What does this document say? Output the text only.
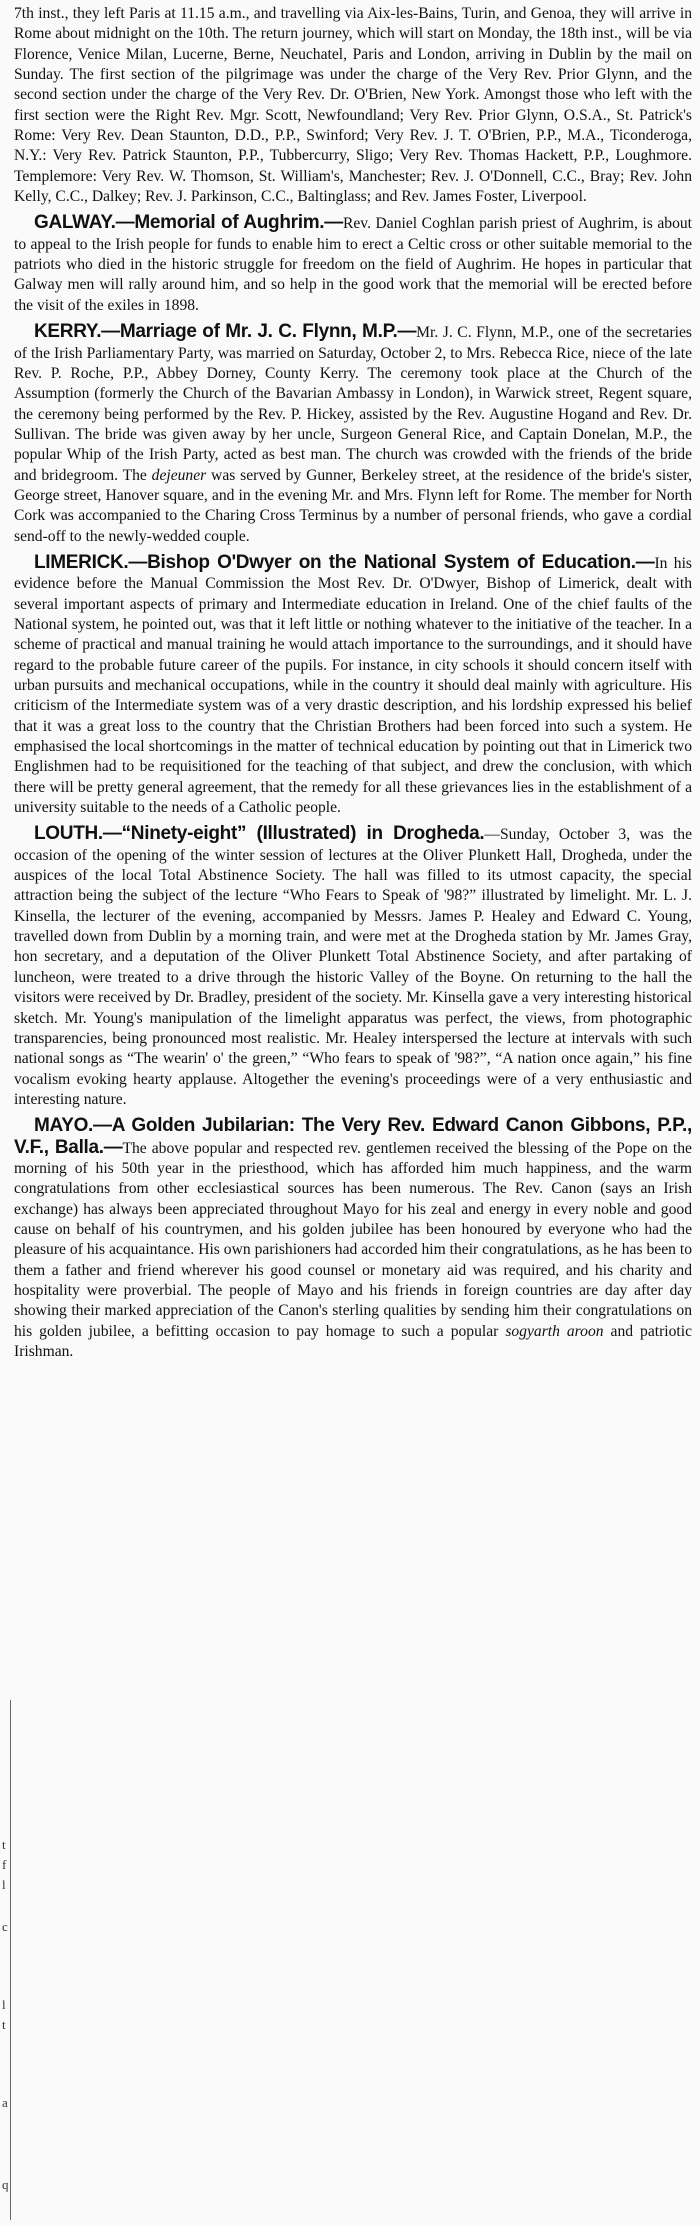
t
f
l
c
l
t
a
q

7th inst., they left Paris at 11.15 a.m., and travelling via Aix-les-Bains, Turin, and Genoa, they will arrive in Rome about midnight on the 10th. The return journey, which will start on Monday, the 18th inst., will be via Florence, Venice Milan, Lucerne, Berne, Neuchatel, Paris and London, arriving in Dublin by the mail on Sunday. The first section of the pilgrimage was under the charge of the Very Rev. Prior Glynn, and the second section under the charge of the Very Rev. Dr. O'Brien, New York. Amongst those who left with the first section were the Right Rev. Mgr. Scott, Newfoundland; Very Rev. Prior Glynn, O.S.A., St. Patrick's Rome: Very Rev. Dean Staunton, D.D., P.P., Swinford; Very Rev. J. T. O'Brien, P.P., M.A., Ticonderoga, N.Y.: Very Rev. Patrick Staunton, P.P., Tubbercurry, Sligo; Very Rev. Thomas Hackett, P.P., Loughmore. Templemore: Very Rev. W. Thomson, St. William's, Manchester; Rev. J. O'Donnell, C.C., Bray; Rev. John Kelly, C.C., Dalkey; Rev. J. Parkinson, C.C., Baltinglass; and Rev. James Foster, Liverpool.

GALWAY.—Memorial of Aughrim.—Rev. Daniel Coghlan parish priest of Aughrim, is about to appeal to the Irish people for funds to enable him to erect a Celtic cross or other suitable memorial to the patriots who died in the historic struggle for freedom on the field of Aughrim. He hopes in particular that Galway men will rally around him, and so help in the good work that the memorial will be erected before the visit of the exiles in 1898.

KERRY.—Marriage of Mr. J. C. Flynn, M.P.—Mr. J. C. Flynn, M.P., one of the secretaries of the Irish Parliamentary Party, was married on Saturday, October 2, to Mrs. Rebecca Rice, niece of the late Rev. P. Roche, P.P., Abbey Dorney, County Kerry. The ceremony took place at the Church of the Assumption (formerly the Church of the Bavarian Ambassy in London), in Warwick street, Regent square, the ceremony being performed by the Rev. P. Hickey, assisted by the Rev. Augustine Hogand and Rev. Dr. Sullivan. The bride was given away by her uncle, Surgeon General Rice, and Captain Donelan, M.P., the popular Whip of the Irish Party, acted as best man. The church was crowded with the friends of the bride and bridegroom. The dejeuner was served by Gunner, Berkeley street, at the residence of the bride's sister, George street, Hanover square, and in the evening Mr. and Mrs. Flynn left for Rome. The member for North Cork was accompanied to the Charing Cross Terminus by a number of personal friends, who gave a cordial send-off to the newly-wedded couple.

LIMERICK.—Bishop O'Dwyer on the National System of Education.—In his evidence before the Manual Commission the Most Rev. Dr. O'Dwyer, Bishop of Limerick, dealt with several important aspects of primary and Intermediate education in Ireland. One of the chief faults of the National system, he pointed out, was that it left little or nothing whatever to the initiative of the teacher. In a scheme of practical and manual training he would attach importance to the surroundings, and it should have regard to the probable future career of the pupils. For instance, in city schools it should concern itself with urban pursuits and mechanical occupations, while in the country it should deal mainly with agriculture. His criticism of the Intermediate system was of a very drastic description, and his lordship expressed his belief that it was a great loss to the country that the Christian Brothers had been forced into such a system. He emphasised the local shortcomings in the matter of technical education by pointing out that in Limerick two Englishmen had to be requisitioned for the teaching of that subject, and drew the conclusion, with which there will be pretty general agreement, that the remedy for all these grievances lies in the establishment of a university suitable to the needs of a Catholic people.

LOUTH.—“Ninety-eight” (Illustrated) in Drogheda.—Sunday, October 3, was the occasion of the opening of the winter session of lectures at the Oliver Plunkett Hall, Drogheda, under the auspices of the local Total Abstinence Society. The hall was filled to its utmost capacity, the special attraction being the subject of the lecture “Who Fears to Speak of '98?” illustrated by limelight. Mr. L. J. Kinsella, the lecturer of the evening, accompanied by Messrs. James P. Healey and Edward C. Young, travelled down from Dublin by a morning train, and were met at the Drogheda station by Mr. James Gray, hon secretary, and a deputation of the Oliver Plunkett Total Abstinence Society, and after partaking of luncheon, were treated to a drive through the historic Valley of the Boyne. On returning to the hall the visitors were received by Dr. Bradley, president of the society. Mr. Kinsella gave a very interesting historical sketch. Mr. Young's manipulation of the limelight apparatus was perfect, the views, from photographic transparencies, being pronounced most realistic. Mr. Healey interspersed the lecture at intervals with such national songs as “The wearin' o' the green,” “Who fears to speak of '98?”, “A nation once again,” his fine vocalism evoking hearty applause. Altogether the evening's proceedings were of a very enthusiastic and interesting nature.

MAYO.—A Golden Jubilarian: The Very Rev. Edward Canon Gibbons, P.P., V.F., Balla.—The above popular and respected rev. gentlemen received the blessing of the Pope on the morning of his 50th year in the priesthood, which has afforded him much happiness, and the warm congratulations from other ecclesiastical sources has been numerous. The Rev. Canon (says an Irish exchange) has always been appreciated throughout Mayo for his zeal and energy in every noble and good cause on behalf of his countrymen, and his golden jubilee has been honoured by everyone who had the pleasure of his acquaintance. His own parishioners had accorded him their congratulations, as he has been to them a father and friend wherever his good counsel or monetary aid was required, and his charity and hospitality were proverbial. The people of Mayo and his friends in foreign countries are day after day showing their marked appreciation of the Canon's sterling qualities by sending him their congratulations on his golden jubilee, a befitting occasion to pay homage to such a popular sogyarth aroon and patriotic Irishman.
